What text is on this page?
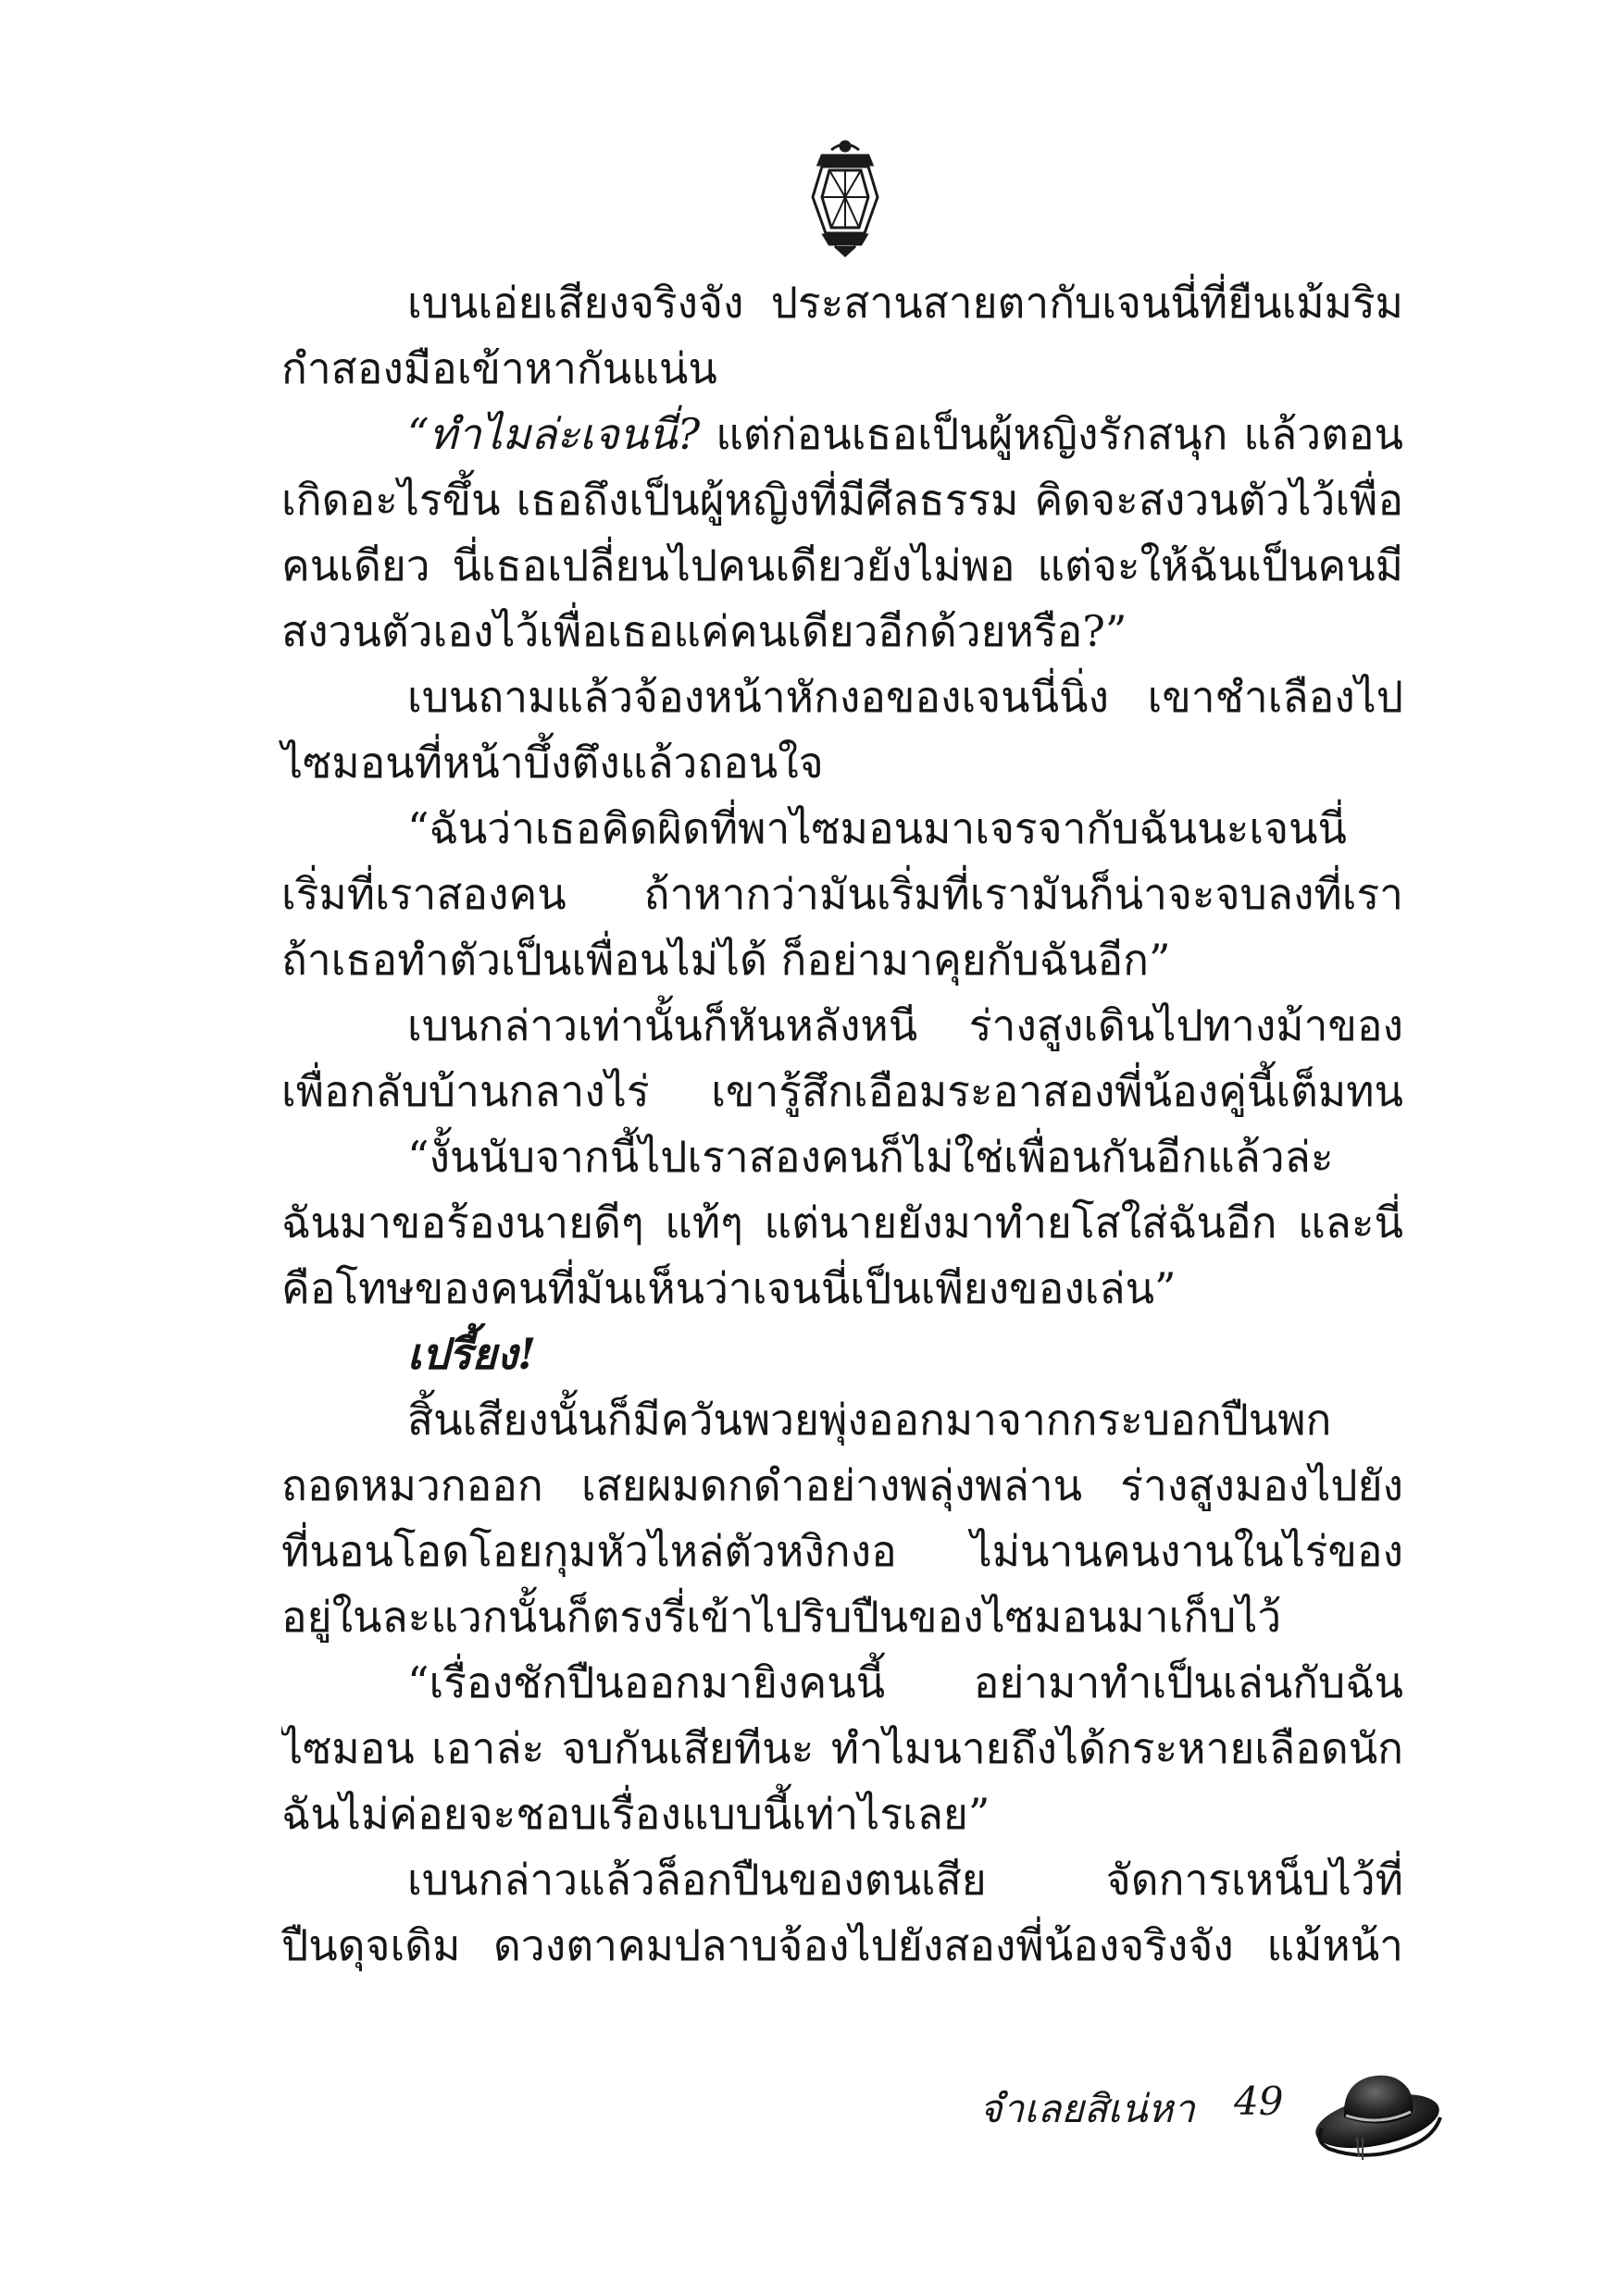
เบนเอ่ยเสียงจริงจัง ประสานสายตากับเจนนี่ที่ยืนเม้มริม
กำสองมือเข้าหากันแน่น
“ทำไมล่ะเจนนี่? แต่ก่อนเธอเป็นผู้หญิงรักสนุก แล้วตอน
เกิดอะไรขึ้น เธอถึงเป็นผู้หญิงที่มีศีลธรรม คิดจะสงวนตัวไว้เพื่อ
คนเดียว นี่เธอเปลี่ยนไปคนเดียวยังไม่พอ แต่จะให้ฉันเป็นคนมี
สงวนตัวเองไว้เพื่อเธอแค่คนเดียวอีกด้วยหรือ?”
เบนถามแล้วจ้องหน้าหักงอของเจนนี่นิ่ง เขาชำเลืองไป
ไซมอนที่หน้าบึ้งตึงแล้วถอนใจ
“ฉันว่าเธอคิดผิดที่พาไซมอนมาเจรจากับฉันนะเจนนี่
เริ่มที่เราสองคน ถ้าหากว่ามันเริ่มที่เรามันก็น่าจะจบลงที่เรา
ถ้าเธอทำตัวเป็นเพื่อนไม่ได้ ก็อย่ามาคุยกับฉันอีก”
เบนกล่าวเท่านั้นก็หันหลังหนี ร่างสูงเดินไปทางม้าของ
เพื่อกลับบ้านกลางไร่ เขารู้สึกเอือมระอาสองพี่น้องคู่นี้เต็มทน
“งั้นนับจากนี้ไปเราสองคนก็ไม่ใช่เพื่อนกันอีกแล้วล่ะ
ฉันมาขอร้องนายดีๆ แท้ๆ แต่นายยังมาทำยโสใส่ฉันอีก และนี่
คือโทษของคนที่มันเห็นว่าเจนนี่เป็นเพียงของเล่น”
เปรี้ยง!
สิ้นเสียงนั้นก็มีควันพวยพุ่งออกมาจากกระบอกปืนพก
ถอดหมวกออก เสยผมดกดำอย่างพลุ่งพล่าน ร่างสูงมองไปยัง
ที่นอนโอดโอยกุมหัวไหล่ตัวหงิกงอ ไม่นานคนงานในไร่ของ
อยู่ในละแวกนั้นก็ตรงรี่เข้าไปริบปืนของไซมอนมาเก็บไว้
“เรื่องชักปืนออกมายิงคนนี้ อย่ามาทำเป็นเล่นกับฉัน
ไซมอน เอาล่ะ จบกันเสียทีนะ ทำไมนายถึงได้กระหายเลือดนัก
ฉันไม่ค่อยจะชอบเรื่องแบบนี้เท่าไรเลย”
เบนกล่าวแล้วล็อกปืนของตนเสีย จัดการเหน็บไว้ที่
ปืนดุจเดิม ดวงตาคมปลาบจ้องไปยังสองพี่น้องจริงจัง แม้หน้า
จำเลยสิเน่หา 49
